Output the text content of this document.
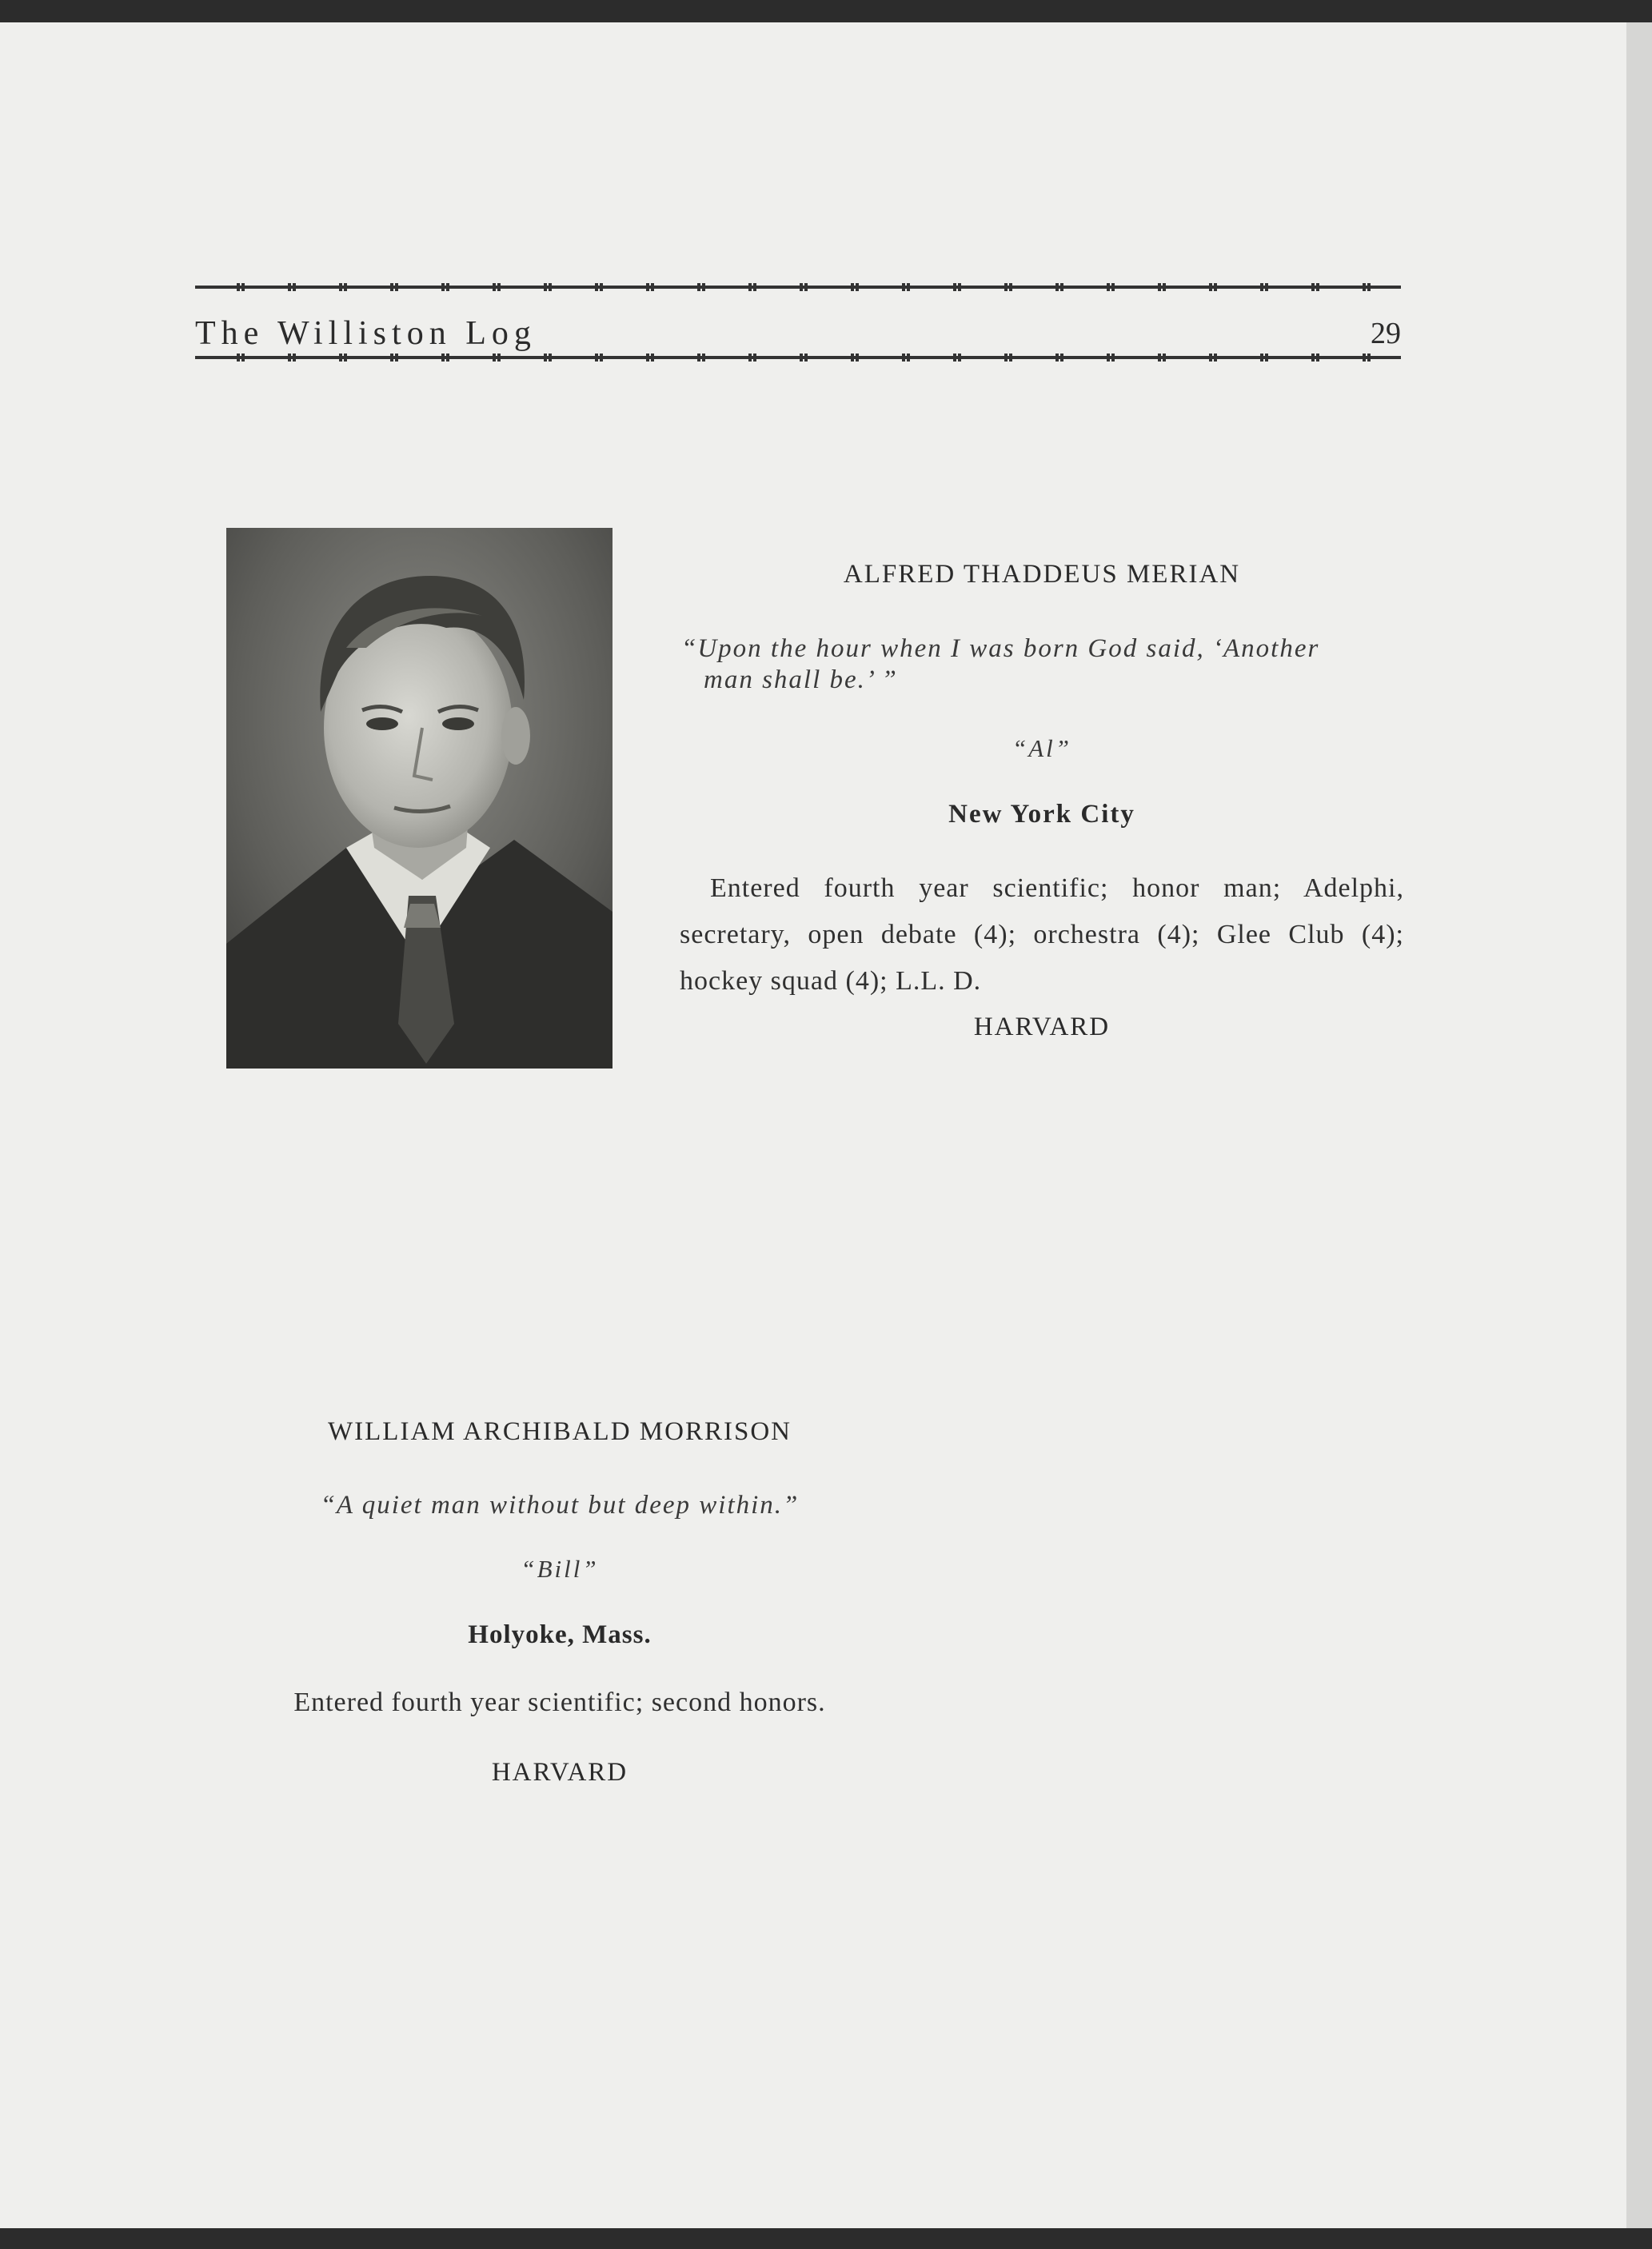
The Williston Log	29
ALFRED THADDEUS MERIAN
“Upon the hour when I was born God said, ‘Another
man shall be.’ ”
“Al”
New York City
Entered fourth year scientific; honor man; Adelphi, secretary, open debate (4); orchestra (4); Glee Club (4); hockey squad (4); L.L. D.
HARVARD
WILLIAM ARCHIBALD MORRISON
“A quiet man without but deep within.”
“Bill”
Holyoke, Mass.
Entered fourth year scientific; second honors.
HARVARD
